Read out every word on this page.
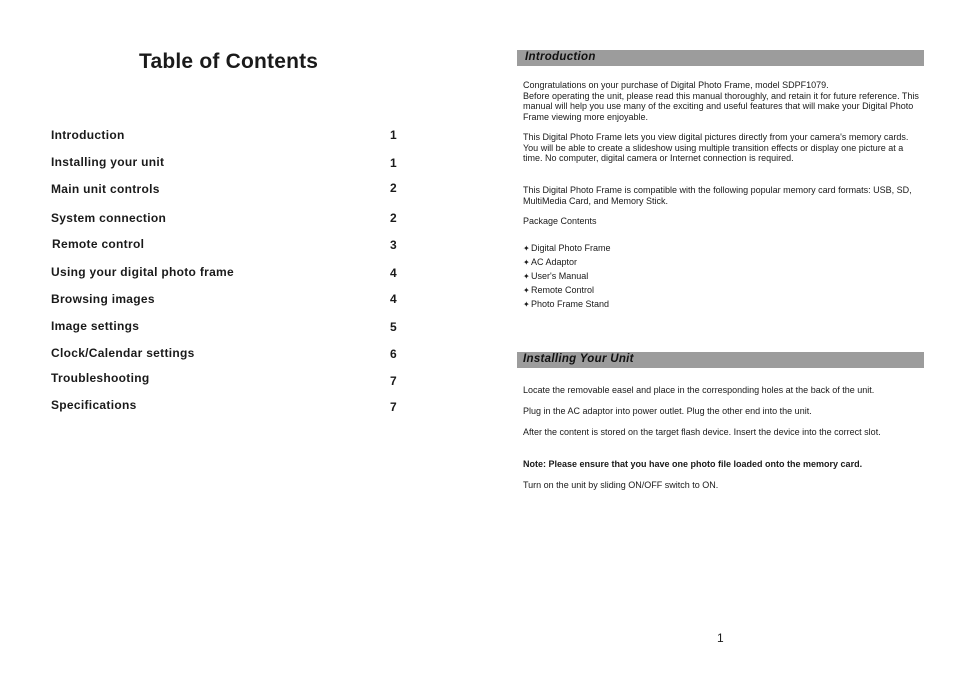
Table of Contents
Introduction	1
Installing your unit	1
Main unit controls	2
System connection	2
Remote control	3
Using your digital photo frame	4
Browsing images	4
Image settings	5
Clock/Calendar settings	6
Troubleshooting	7
Specifications	7
Introduction

Congratulations on your purchase of Digital Photo Frame, model SDPF1079.

Before operating the unit, please read this manual thoroughly, and retain it for future reference. This manual will help you use many of the exciting and useful features that will make your Digital Photo Frame viewing more enjoyable.

This Digital Photo Frame lets you view digital pictures directly from your camera's memory cards. You will be able to create a slideshow using multiple transition effects or display one picture at a time. No computer, digital camera or Internet connection is required.

This Digital Photo Frame is compatible with the following popular memory card formats: USB, SD, MultiMedia Card, and Memory Stick.

Package Contents

✦ Digital Photo Frame
✦ AC Adaptor
✦ User's Manual
✦ Remote Control
✦ Photo Frame Stand
Installing Your Unit

Locate the removable easel and place in the corresponding holes at the back of the unit.

Plug in the AC adaptor into power outlet. Plug the other end into the unit.

After the content is stored on the target flash device. Insert the device into the correct slot.

Note: Please ensure that you have one photo file loaded onto the memory card.

Turn on the unit by sliding ON/OFF switch to ON.

1
